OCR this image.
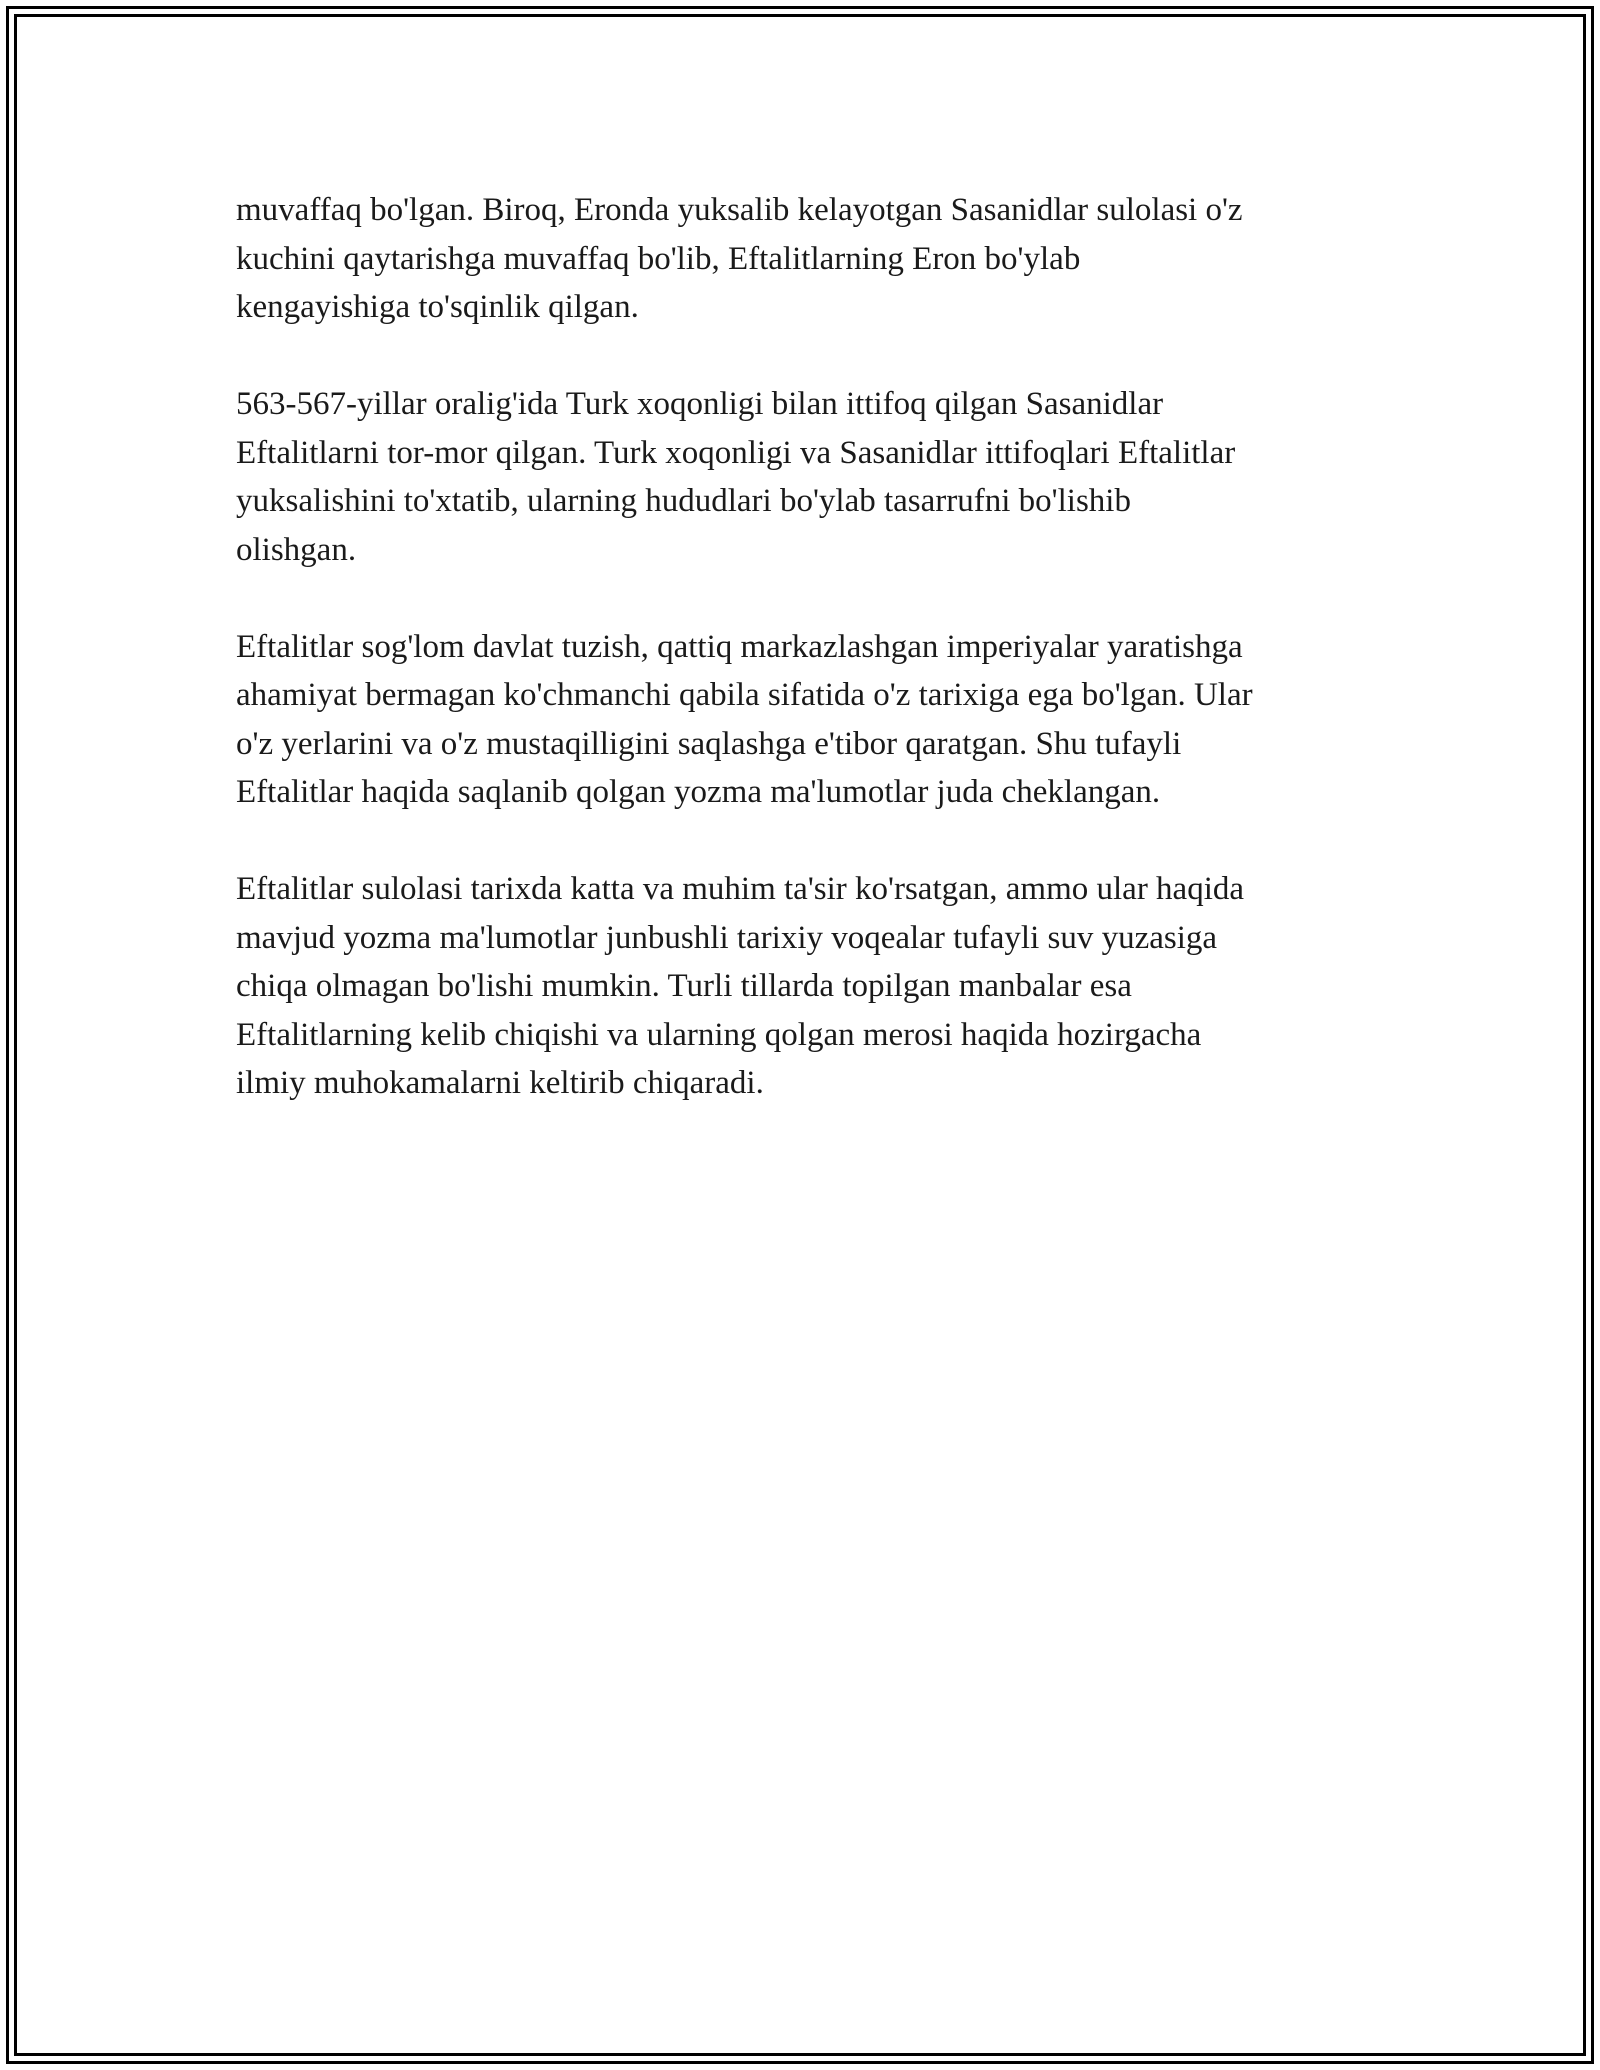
muvaffaq bo'lgan. Biroq, Eronda yuksalib kelayotgan Sasanidlar sulolasi o'z
kuchini qaytarishga muvaffaq bo'lib, Eftalitlarning Eron bo'ylab
kengayishiga to'sqinlik qilgan.

563-567-yillar oralig'ida Turk xoqonligi bilan ittifoq qilgan Sasanidlar
Eftalitlarni tor-mor qilgan. Turk xoqonligi va Sasanidlar ittifoqlari Eftalitlar
yuksalishini to'xtatib, ularning hududlari bo'ylab tasarrufni bo'lishib
olishgan.

Eftalitlar sog'lom davlat tuzish, qattiq markazlashgan imperiyalar yaratishga
ahamiyat bermagan ko'chmanchi qabila sifatida o'z tarixiga ega bo'lgan. Ular
o'z yerlarini va o'z mustaqilligini saqlashga e'tibor qaratgan. Shu tufayli
Eftalitlar haqida saqlanib qolgan yozma ma'lumotlar juda cheklangan.

Eftalitlar sulolasi tarixda katta va muhim ta'sir ko'rsatgan, ammo ular haqida
mavjud yozma ma'lumotlar junbushli tarixiy voqealar tufayli suv yuzasiga
chiqa olmagan bo'lishi mumkin. Turli tillarda topilgan manbalar esa
Eftalitlarning kelib chiqishi va ularning qolgan merosi haqida hozirgacha
ilmiy muhokamalarni keltirib chiqaradi.
